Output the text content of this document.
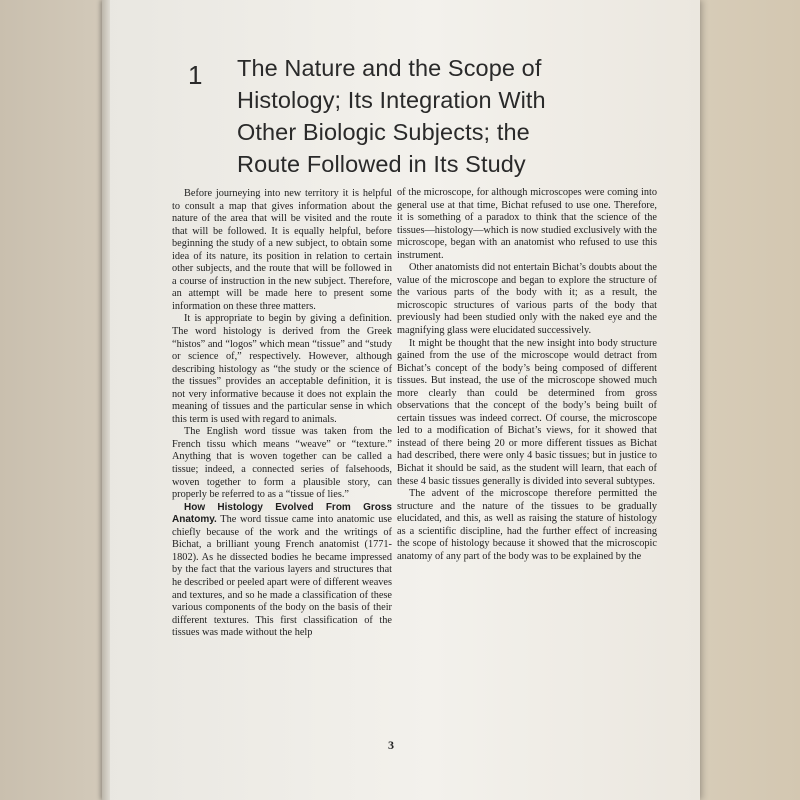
1 The Nature and the Scope of
Histology; Its Integration With
Other Biologic Subjects; the
Route Followed in Its Study

Before journeying into new territory it is helpful to consult a map that gives information about the nature of the area that will be visited and the route that will be followed. It is equally helpful, before beginning the study of a new subject, to obtain some idea of its nature, its position in relation to certain other subjects, and the route that will be followed in a course of instruction in the new subject. Therefore, an attempt will be made here to present some information on these three matters.

It is appropriate to begin by giving a definition. The word histology is derived from the Greek “histos” and “logos” which mean “tissue” and “study or science of,” respectively. However, although describing histology as “the study or the science of the tissues” provides an acceptable definition, it is not very informative because it does not explain the meaning of tissues and the particular sense in which this term is used with regard to animals.

The English word tissue was taken from the French tissu which means “weave” or “texture.” Anything that is woven together can be called a tissue; indeed, a connected series of falsehoods, woven together to form a plausible story, can properly be referred to as a “tissue of lies.”

How Histology Evolved From Gross Anatomy. The word tissue came into anatomic use chiefly because of the work and the writings of Bichat, a brilliant young French anatomist (1771-1802). As he dissected bodies he became impressed by the fact that the various layers and structures that he described or peeled apart were of different weaves and textures, and so he made a classification of these various components of the body on the basis of their different textures. This first classification of the tissues was made without the help

of the microscope, for although microscopes were coming into general use at that time, Bichat refused to use one. Therefore, it is something of a paradox to think that the science of the tissues—histology—which is now studied exclusively with the microscope, began with an anatomist who refused to use this instrument.

Other anatomists did not entertain Bichat’s doubts about the value of the microscope and began to explore the structure of the various parts of the body with it; as a result, the microscopic structures of various parts of the body that previously had been studied only with the naked eye and the magnifying glass were elucidated successively.

It might be thought that the new insight into body structure gained from the use of the microscope would detract from Bichat’s concept of the body’s being composed of different tissues. But instead, the use of the microscope showed much more clearly than could be determined from gross observations that the concept of the body’s being built of certain tissues was indeed correct. Of course, the microscope led to a modification of Bichat’s views, for it showed that instead of there being 20 or more different tissues as Bichat had described, there were only 4 basic tissues; but in justice to Bichat it should be said, as the student will learn, that each of these 4 basic tissues generally is divided into several subtypes.

The advent of the microscope therefore permitted the structure and the nature of the tissues to be gradually elucidated, and this, as well as raising the stature of histology as a scientific discipline, had the further effect of increasing the scope of histology because it showed that the microscopic anatomy of any part of the body was to be explained by the

3
